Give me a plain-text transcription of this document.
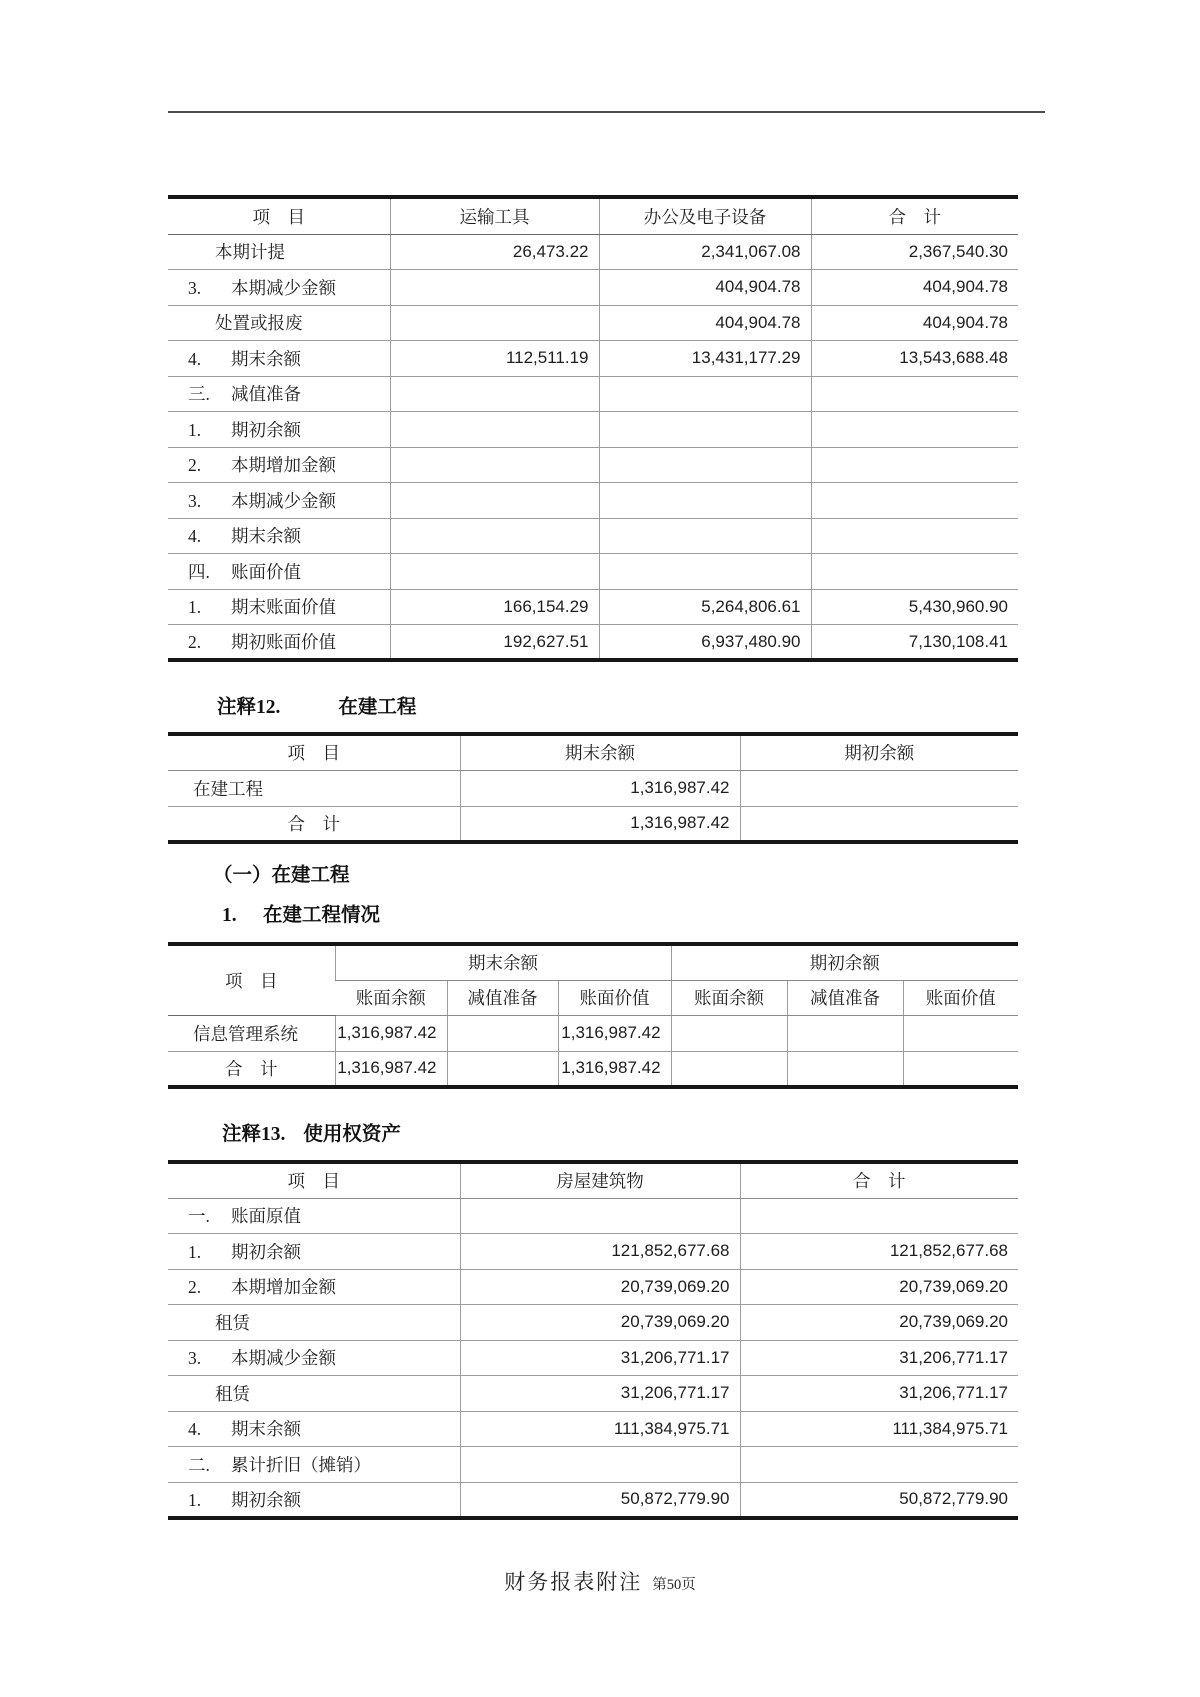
项　目	运输工具	办公及电子设备	合　计
本期计提	26,473.22	2,341,067.08	2,367,540.30
3. 本期减少金额		404,904.78	404,904.78
处置或报废		404,904.78	404,904.78
4. 期末余额	112,511.19	13,431,177.29	13,543,688.48
三. 减值准备			
1. 期初余额			
2. 本期增加金额			
3. 本期减少金额			
4. 期末余额			
四. 账面价值			
1. 期末账面价值	166,154.29	5,264,806.61	5,430,960.90
2. 期初账面价值	192,627.51	6,937,480.90	7,130,108.41
注释12.	在建工程
项　目	期末余额	期初余额
在建工程	1,316,987.42	
合　计	1,316,987.42	
（一）在建工程
1. 在建工程情况
项　目	期末余额			期初余额		
	账面余额	减值准备	账面价值	账面余额	减值准备	账面价值
信息管理系统	1,316,987.42		1,316,987.42			
合　计	1,316,987.42		1,316,987.42			
注释13. 使用权资产
项　目	房屋建筑物	合　计
一. 账面原值		
1. 期初余额	121,852,677.68	121,852,677.68
2. 本期增加金额	20,739,069.20	20,739,069.20
租赁	20,739,069.20	20,739,069.20
3. 本期减少金额	31,206,771.17	31,206,771.17
租赁	31,206,771.17	31,206,771.17
4. 期末余额	111,384,975.71	111,384,975.71
二. 累计折旧（摊销）		
1. 期初余额	50,872,779.90	50,872,779.90
财务报表附注 第50页
